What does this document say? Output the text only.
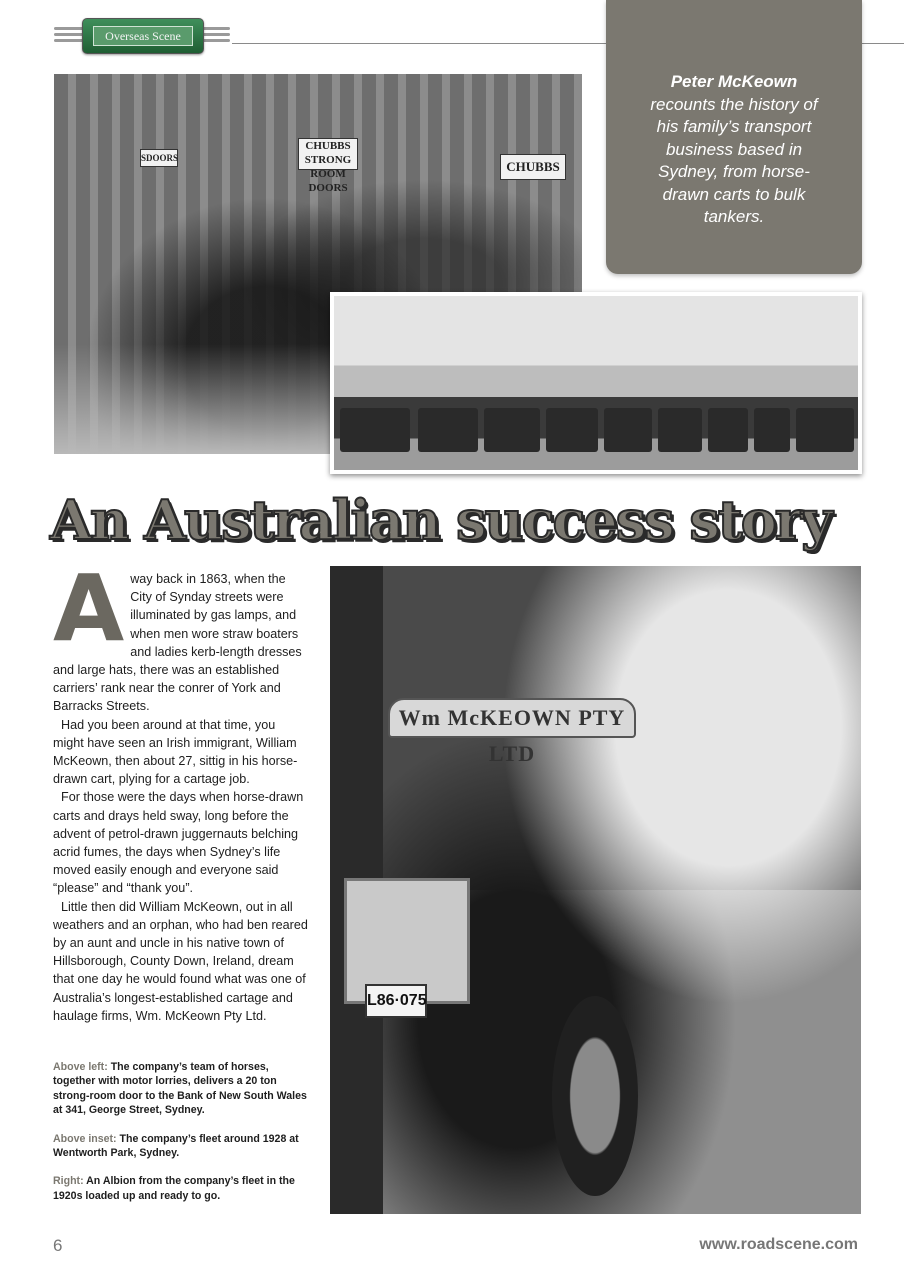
Overseas Scene
Peter McKeown
recounts the history of his family’s transport business based in Sydney, from horse-drawn carts to bulk tankers.
CHUBBS STRONG ROOM DOORS
CHUBBS
SDOORS
An Australian success story
A way back in 1863, when the City of Synday streets were illuminated by gas lamps, and when men wore straw boaters and ladies kerb-length dresses and large hats, there was an established carriers’ rank near the conrer of York and Barracks Streets.

Had you been around at that time, you might have seen an Irish immigrant, William McKeown, then about 27, sittig in his horse-drawn cart, plying for a cartage job.

For those were the days when horse-drawn carts and drays held sway, long before the advent of petrol-drawn juggernauts belching acrid fumes, the days when Sydney’s life moved easily enough and everyone said “please” and “thank you”.

Little then did William McKeown, out in all weathers and an orphan, who had ben reared by an aunt and uncle in his native town of Hillsborough, County Down, Ireland, dream that one day he would found what was one of Australia’s longest-established cartage and haulage firms, Wm. McKeown Pty Ltd.

Above left: The company’s team of horses, together with motor lorries, delivers a 20 ton strong-room door to the Bank of New South Wales at 341, George Street, Sydney.

Above inset: The company’s fleet around 1928 at Wentworth Park, Sydney.

Right: An Albion from the company’s fleet in the 1920s loaded up and ready to go.

Wm McKEOWN PTY LTD
L86·075
6	www.roadscene.com
